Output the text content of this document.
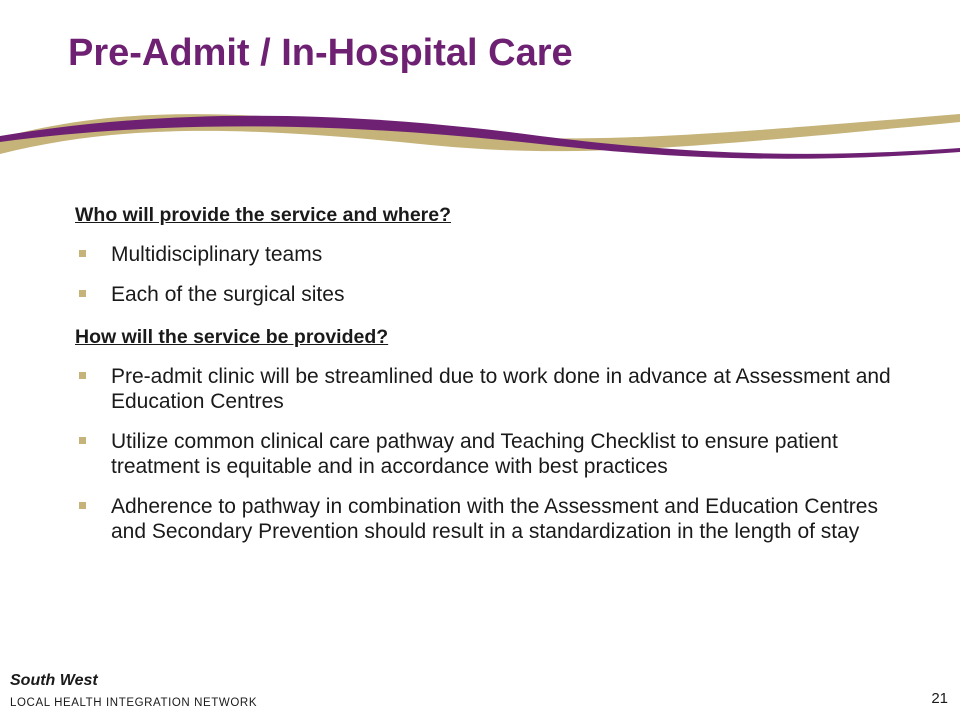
Pre-Admit / In-Hospital Care
Who will provide the service and where?
Multidisciplinary teams
Each of the surgical sites
How will the service be provided?
Pre-admit clinic will be streamlined due to work done in advance at Assessment and Education Centres
Utilize common clinical care pathway and Teaching Checklist to ensure patient treatment is equitable and in accordance with best practices
Adherence to pathway in combination with the Assessment and Education Centres and Secondary Prevention should result in a standardization in the length of stay
South West
LOCAL HEALTH INTEGRATION NETWORK	21
